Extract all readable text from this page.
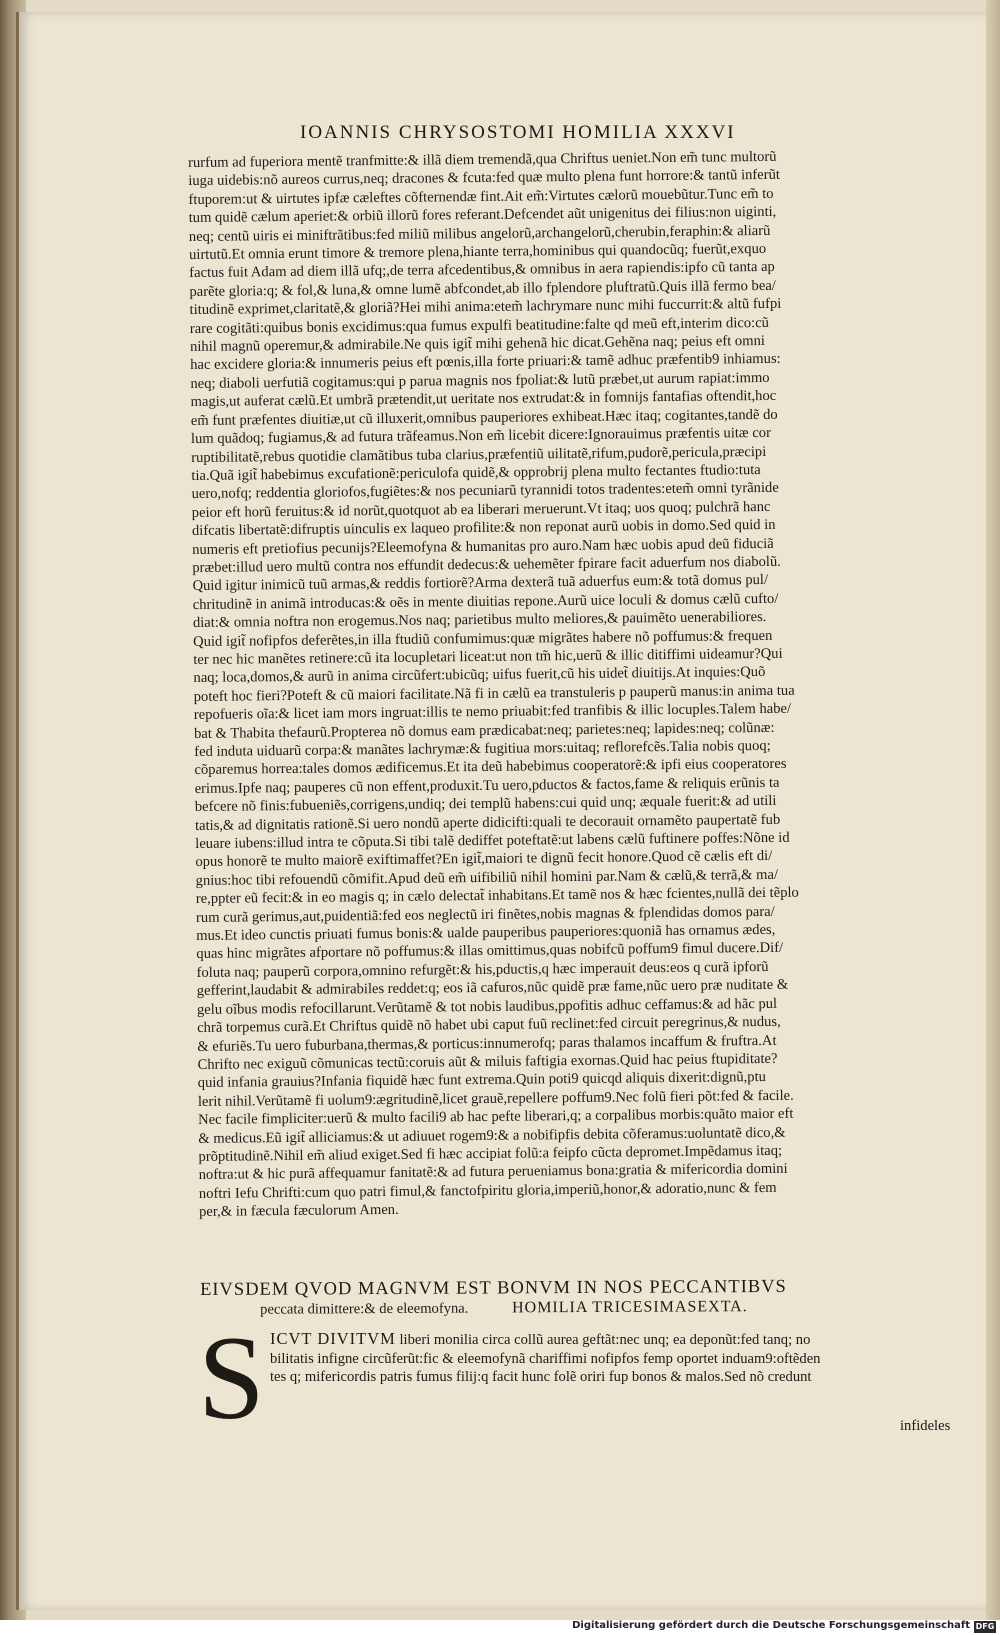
IOANNIS CHRYSOSTOMI HOMILIA XXXVI

rurfum ad fuperiora mentẽ tranfmitte:& illã diem tremendã,qua Chriftus ueniet.Non em̃ tunc multorũ

iuga uidebis:nõ aureos currus,neq; dracones & fcuta:fed quæ multo plena funt horrore:& tantũ inferũt

ftuporem:ut & uirtutes ipfæ cæleftes cõfternendæ fint.Ait em̃:Virtutes cælorũ mouebũtur.Tunc em̃ to

tum quidẽ cælum aperiet:& orbiũ illorũ fores referant.Defcendet aũt unigenitus dei filius:non uiginti,

neq; centũ uiris ei miniftrãtibus:fed miliũ milibus angelorũ,archangelorũ,cherubin,feraphin:& aliarũ

uirtutũ.Et omnia erunt timore & tremore plena,hiante terra,hominibus qui quandocũq; fuerũt,exquo

factus fuit Adam ad diem illã ufq;,de terra afcedentibus,& omnibus in aera rapiendis:ipfo cũ tanta ap

parẽte gloria:q; & fol,& luna,& omne lumẽ abfcondet,ab illo fplendore pluftratũ.Quis illã fermo bea/

titudinẽ exprimet,claritatẽ,& gloriã?Hei mihi anima:etem̃ lachrymare nunc mihi fuccurrit:& altũ fufpi

rare cogitãti:quibus bonis excidimus:qua fumus expulfi beatitudine:falte qd meũ eft,interim dico:cũ

nihil magnũ operemur,& admirabile.Ne quis igit̃ mihi gehenã hic dicat.Gehẽna naq; peius eft omni

hac excidere gloria:& innumeris peius eft pœnis,illa forte priuari:& tamẽ adhuc præfentib9 inhiamus:

neq; diaboli uerfutiã cogitamus:qui p parua magnis nos fpoliat:& lutũ præbet,ut aurum rapiat:immo

magis,ut auferat cælũ.Et umbrã prætendit,ut ueritate nos extrudat:& in fomnijs fantafias oftendit,hoc

em̃ funt præfentes diuitiæ,ut cũ illuxerit,omnibus pauperiores exhibeat.Hæc itaq; cogitantes,tandẽ do

lum quãdoq; fugiamus,& ad futura trãfeamus.Non em̃ licebit dicere:Ignorauimus præfentis uitæ cor

ruptibilitatẽ,rebus quotidie clamãtibus tuba clarius,præfentiũ uilitatẽ,rifum,pudorẽ,pericula,præcipi

tia.Quã igit̃ habebimus excufationẽ:periculofa quidẽ,& opprobrij plena multo fectantes ftudio:tuta

uero,nofq; reddentia gloriofos,fugiẽtes:& nos pecuniarũ tyrannidi totos tradentes:etem̃ omni tyrãnide

peior eft horũ feruitus:& id norũt,quotquot ab ea liberari meruerunt.Vt itaq; uos quoq; pulchrã hanc

difcatis libertatẽ:difruptis uinculis ex laqueo profilite:& non reponat aurũ uobis in domo.Sed quid in

numeris eft pretiofius pecunijs?Eleemofyna & humanitas pro auro.Nam hæc uobis apud deũ fiduciã

præbet:illud uero multũ contra nos effundit dedecus:& uehemẽter fpirare facit aduerfum nos diabolũ.

Quid igitur inimicũ tuũ armas,& reddis fortiorẽ?Arma dexterã tuã aduerfus eum:& totã domus pul/

chritudinẽ in animã introducas:& oẽs in mente diuitias repone.Aurũ uice loculi & domus cælũ cufto/

diat:& omnia noftra non erogemus.Nos naq; parietibus multo meliores,& pauimẽto uenerabiliores.

Quid igit̃ nofipfos deferẽtes,in illa ftudiũ confumimus:quæ migrãtes habere nõ poffumus:& frequen

ter nec hic manẽtes retinere:cũ ita locupletari liceat:ut non tm̃ hic,uerũ & illic ditiffimi uideamur?Qui

naq; loca,domos,& aurũ in anima circũfert:ubicũq; uifus fuerit,cũ his uidet̃ diuitijs.At inquies:Quõ

poteft hoc fieri?Poteft & cũ maiori facilitate.Nã fi in cælũ ea transtuleris p pauperũ manus:in anima tua

repofueris oĩa:& licet iam mors ingruat:illis te nemo priuabit:fed tranfibis & illic locuples.Talem habe/

bat & Thabita thefaurũ.Propterea nõ domus eam prædicabat:neq; parietes:neq; lapides:neq; colũnæ:

fed induta uiduarũ corpa:& manãtes lachrymæ:& fugitiua mors:uitaq; reflorefcẽs.Talia nobis quoq;

cõparemus horrea:tales domos ædificemus.Et ita deũ habebimus cooperatorẽ:& ipfi eius cooperatores

erimus.Ipfe naq; pauperes cũ non effent,produxit.Tu uero,pductos & factos,fame & reliquis erũnis ta

befcere nõ finis:fubueniẽs,corrigens,undiq; dei templũ habens:cui quid unq; æquale fuerit:& ad utili

tatis,& ad dignitatis rationẽ.Si uero nondũ aperte didicifti:quali te decorauit ornamẽto paupertatẽ fub

leuare iubens:illud intra te cõputa.Si tibi talẽ dediffet poteftatẽ:ut labens cælũ fuftinere poffes:Nõne id

opus honorẽ te multo maiorẽ exiftimaffet?En igit̃,maiori te dignũ fecit honore.Quod cẽ cælis eft di/

gnius:hoc tibi refouendũ cõmifit.Apud deũ em̃ uifibiliũ nihil homini par.Nam & cælũ,& terrã,& ma/

re,ppter eũ fecit:& in eo magis q; in cælo delectat̃ inhabitans.Et tamẽ nos & hæc fcientes,nullã dei tẽplo

rum curã gerimus,aut,puidentiã:fed eos neglectũ iri finẽtes,nobis magnas & fplendidas domos para/

mus.Et ideo cunctis priuati fumus bonis:& ualde pauperibus pauperiores:quoniã has ornamus ædes,

quas hinc migrãtes afportare nõ poffumus:& illas omittimus,quas nobifcũ poffum9 fimul ducere.Dif/

foluta naq; pauperũ corpora,omnino refurgẽt:& his,pductis,q hæc imperauit deus:eos q curã ipforũ

gefferint,laudabit & admirabiles reddet:q; eos iã cafuros,nũc quidẽ præ fame,nũc uero præ nuditate &

gelu oĩbus modis refocillarunt.Verũtamẽ & tot nobis laudibus,ppofitis adhuc ceffamus:& ad hãc pul

chrã torpemus curã.Et Chriftus quidẽ nõ habet ubi caput fuũ reclinet:fed circuit peregrinus,& nudus,

& efuriẽs.Tu uero fuburbana,thermas,& porticus:innumerofq; paras thalamos incaffum & fruftra.At

Chrifto nec exiguũ cõmunicas tectũ:coruis aũt & miluis faftigia exornas.Quid hac peius ftupiditate?

quid infania grauius?Infania fiquidẽ hæc funt extrema.Quin poti9 quicqd aliquis dixerit:dignũ,ptu

lerit nihil.Verũtamẽ fi uolum9:ægritudinẽ,licet grauẽ,repellere poffum9.Nec folũ fieri põt:fed & facile.

Nec facile fimpliciter:uerũ & multo facili9 ab hac pefte liberari,q; a corpalibus morbis:quãto maior eft

& medicus.Eũ igit̃ alliciamus:& ut adiuuet rogem9:& a nobifipfis debita cõferamus:uoluntatẽ dico,&

prõptitudinẽ.Nihil em̃ aliud exiget.Sed fi hæc accipiat folũ:a feipfo cũcta depromet.Impẽdamus itaq;

noftra:ut & hic purã affequamur fanitatẽ:& ad futura perueniamus bona:gratia & mifericordia domini

noftri Iefu Chrifti:cum quo patri fimul,& fanctofpiritu gloria,imperiũ,honor,& adoratio,nunc & fem

per,& in fæcula fæculorum Amen.

EIVSDEM QVOD MAGNVM EST BONVM IN NOS PECCANTIBVS
peccata dimittere:& de eleemofyna.	HOMILIA TRICESIMASEXTA.
S ICVT DIVITVM liberi monilia circa collũ aurea geftãt:nec unq; ea deponũt:fed tanq; no
bilitatis infigne circũferũt:fic & eleemofynã chariffimi nofipfos femp oportet induam9:oftẽden
tes q; mifericordis patris fumus filij:q facit hunc folẽ oriri fup bonos & malos.Sed nõ credunt
infideles
Digitalisierung gefördert durch die Deutsche Forschungsgemeinschaft DFG
